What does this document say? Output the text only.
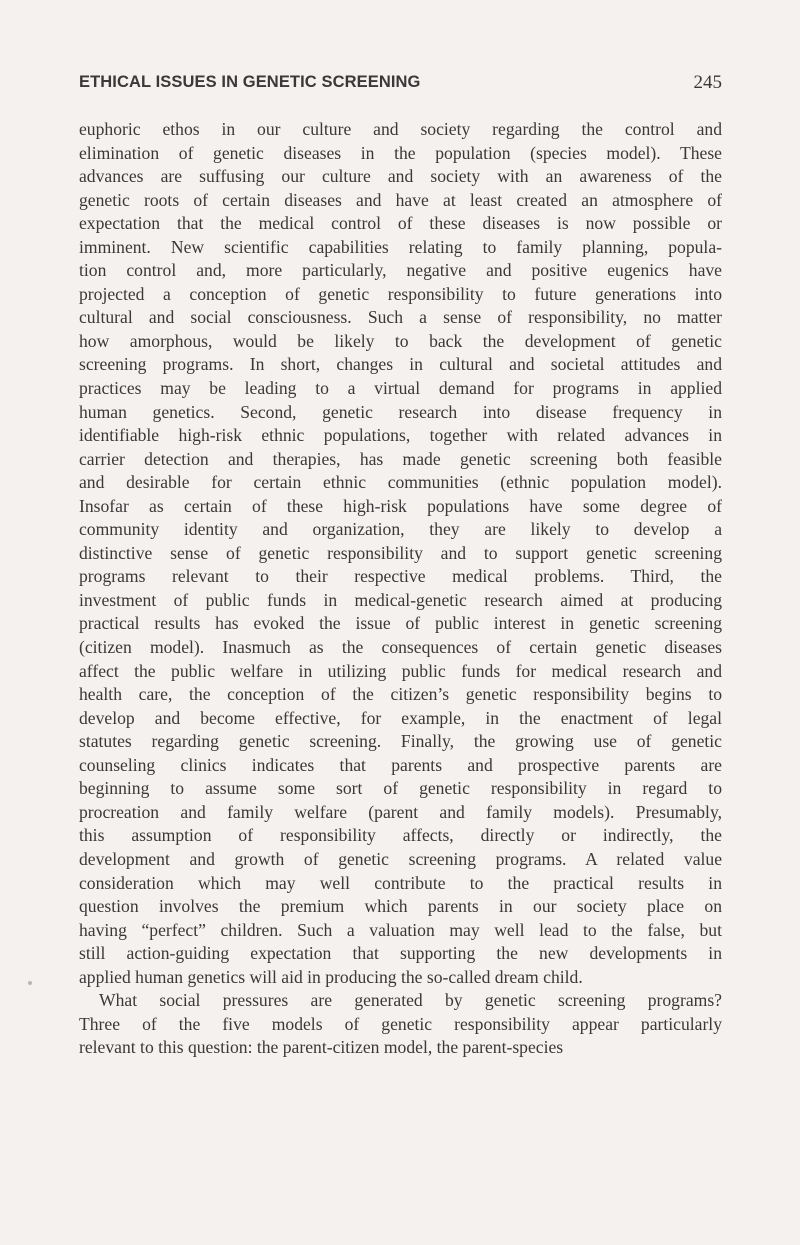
ETHICAL ISSUES IN GENETIC SCREENING	245
euphoric ethos in our culture and society regarding the control and
elimination of genetic diseases in the population (species model). These
advances are suffusing our culture and society with an awareness of the
genetic roots of certain diseases and have at least created an atmosphere of
expectation that the medical control of these diseases is now possible or
imminent. New scientific capabilities relating to family planning, popula-
tion control and, more particularly, negative and positive eugenics have
projected a conception of genetic responsibility to future generations into
cultural and social consciousness. Such a sense of responsibility, no matter
how amorphous, would be likely to back the development of genetic
screening programs. In short, changes in cultural and societal attitudes and
practices may be leading to a virtual demand for programs in applied
human genetics. Second, genetic research into disease frequency in
identifiable high-risk ethnic populations, together with related advances in
carrier detection and therapies, has made genetic screening both feasible
and desirable for certain ethnic communities (ethnic population model).
Insofar as certain of these high-risk populations have some degree of
community identity and organization, they are likely to develop a
distinctive sense of genetic responsibility and to support genetic screening
programs relevant to their respective medical problems. Third, the
investment of public funds in medical-genetic research aimed at producing
practical results has evoked the issue of public interest in genetic screening
(citizen model). Inasmuch as the consequences of certain genetic diseases
affect the public welfare in utilizing public funds for medical research and
health care, the conception of the citizen’s genetic responsibility begins to
develop and become effective, for example, in the enactment of legal
statutes regarding genetic screening. Finally, the growing use of genetic
counseling clinics indicates that parents and prospective parents are
beginning to assume some sort of genetic responsibility in regard to
procreation and family welfare (parent and family models). Presumably,
this assumption of responsibility affects, directly or indirectly, the
development and growth of genetic screening programs. A related value
consideration which may well contribute to the practical results in
question involves the premium which parents in our society place on
having “perfect” children. Such a valuation may well lead to the false, but
still action-guiding expectation that supporting the new developments in
applied human genetics will aid in producing the so-called dream child.
What social pressures are generated by genetic screening programs?
Three of the five models of genetic responsibility appear particularly
relevant to this question: the parent-citizen model, the parent-species
